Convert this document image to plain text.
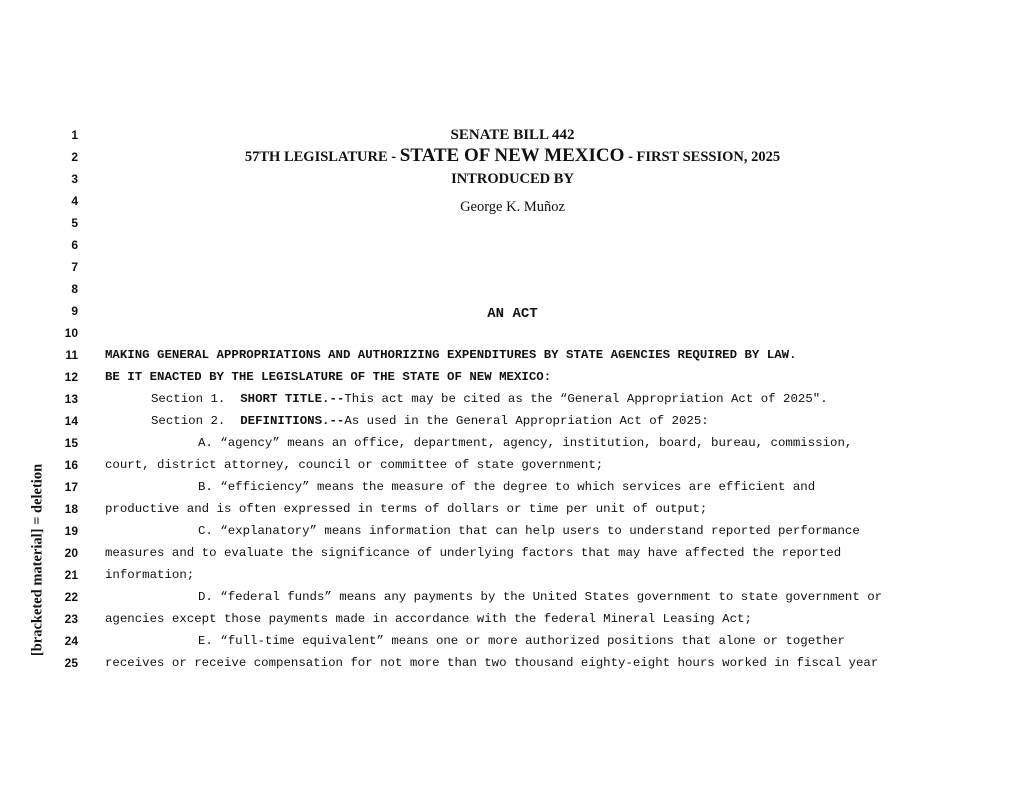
1
2
3
4
5
6
7
8
9
10
11
12
13
14
15
16
17
18
19
20
21
22
23
24
25
[bracketed material] = deletion
SENATE BILL 442
57TH LEGISLATURE - STATE OF NEW MEXICO - FIRST SESSION, 2025
INTRODUCED BY
George K. Muñoz
AN ACT
MAKING GENERAL APPROPRIATIONS AND AUTHORIZING EXPENDITURES BY STATE AGENCIES REQUIRED BY LAW.
BE IT ENACTED BY THE LEGISLATURE OF THE STATE OF NEW MEXICO:
Section 1. SHORT TITLE.--This act may be cited as the “General Appropriation Act of 2025".
Section 2. DEFINITIONS.--As used in the General Appropriation Act of 2025:
A. “agency” means an office, department, agency, institution, board, bureau, commission,
court, district attorney, council or committee of state government;
B. “efficiency” means the measure of the degree to which services are efficient and
productive and is often expressed in terms of dollars or time per unit of output;
C. “explanatory” means information that can help users to understand reported performance
measures and to evaluate the significance of underlying factors that may have affected the reported
information;
D. “federal funds” means any payments by the United States government to state government or
agencies except those payments made in accordance with the federal Mineral Leasing Act;
E. “full-time equivalent” means one or more authorized positions that alone or together
receives or receive compensation for not more than two thousand eighty-eight hours worked in fiscal year
